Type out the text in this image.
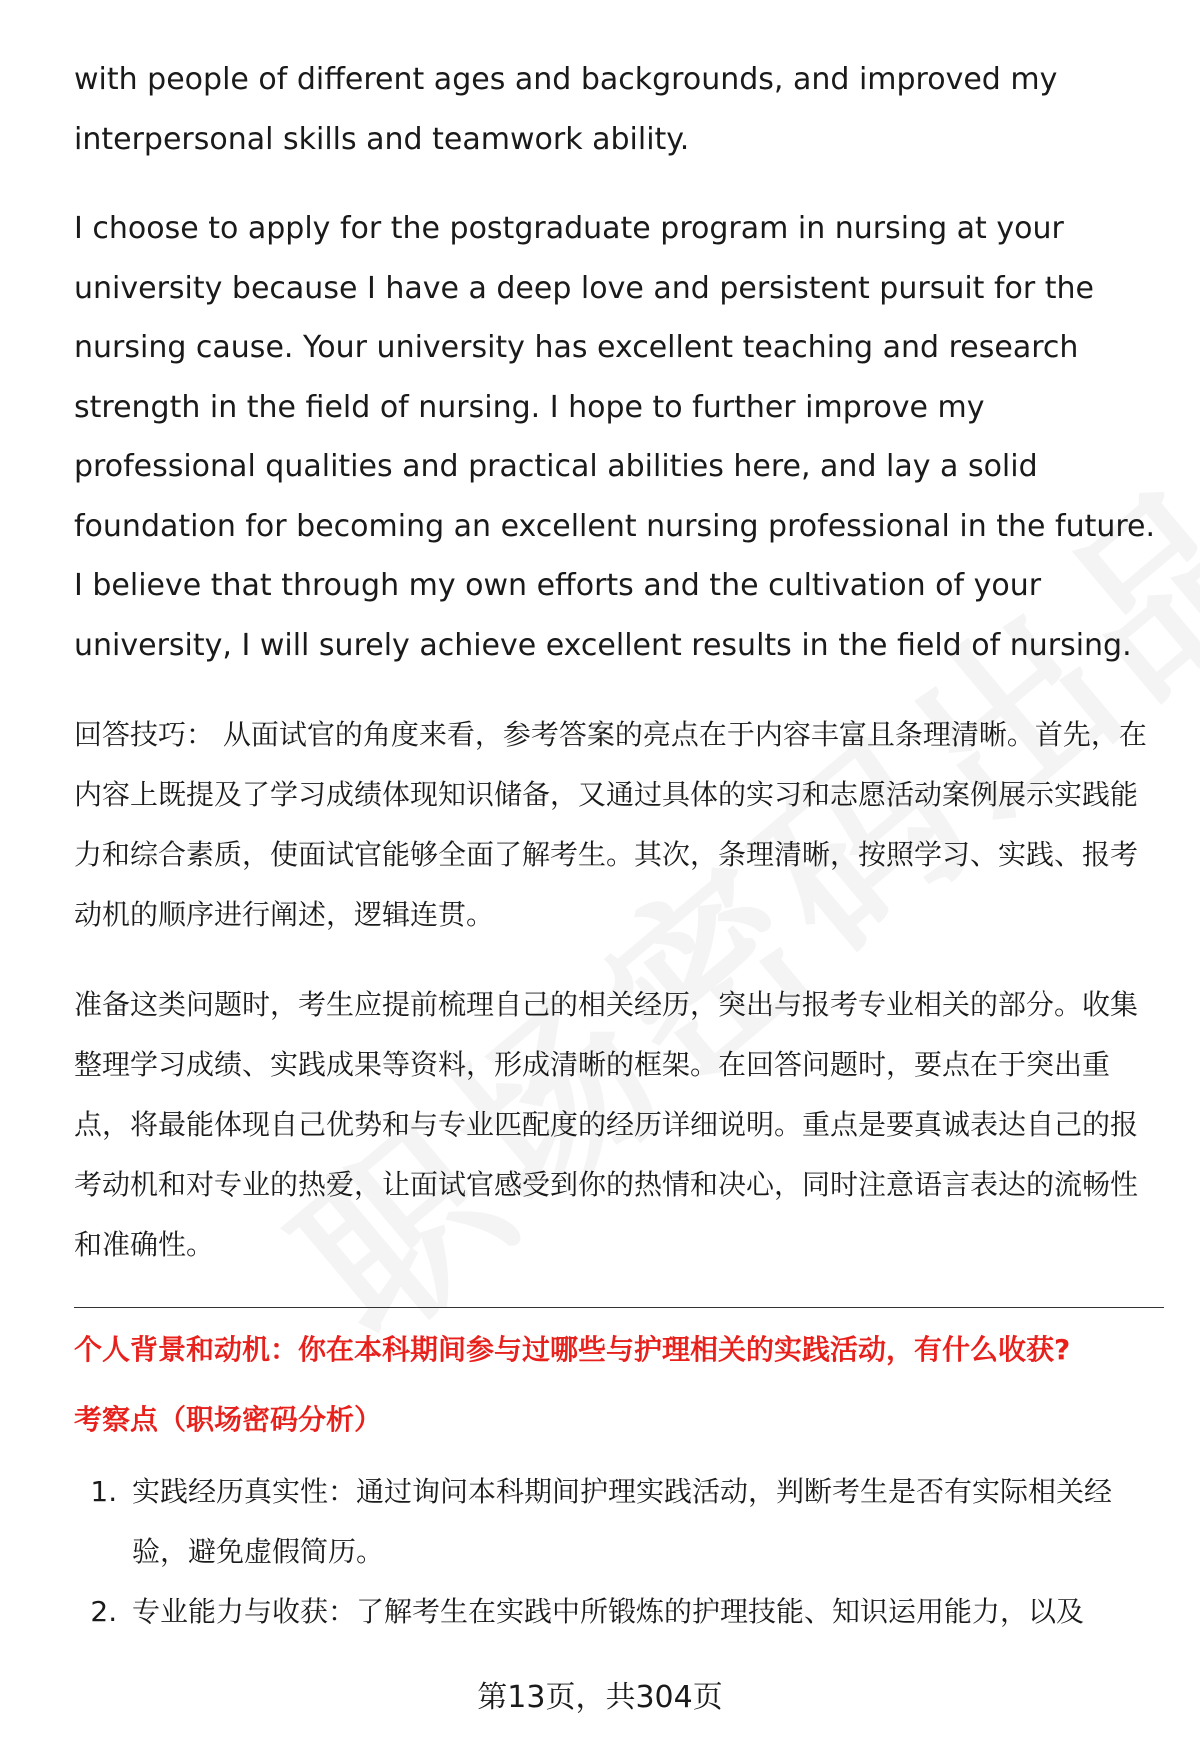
with people of different ages and backgrounds, and improved my interpersonal skills and teamwork ability.

I choose to apply for the postgraduate program in nursing at your university because I have a deep love and persistent pursuit for the nursing cause. Your university has excellent teaching and research strength in the field of nursing. I hope to further improve my professional qualities and practical abilities here, and lay a solid foundation for becoming an excellent nursing professional in the future. I believe that through my own efforts and the cultivation of your university, I will surely achieve excellent results in the field of nursing.

回答技巧： 从面试官的角度来看，参考答案的亮点在于内容丰富且条理清晰。首先，在内容上既提及了学习成绩体现知识储备，又通过具体的实习和志愿活动案例展示实践能力和综合素质，使面试官能够全面了解考生。其次，条理清晰，按照学习、实践、报考动机的顺序进行阐述，逻辑连贯。

准备这类问题时，考生应提前梳理自己的相关经历，突出与报考专业相关的部分。收集整理学习成绩、实践成果等资料，形成清晰的框架。在回答问题时，要点在于突出重点，将最能体现自己优势和与专业匹配度的经历详细说明。重点是要真诚表达自己的报考动机和对专业的热爱，让面试官感受到你的热情和决心，同时注意语言表达的流畅性和准确性。

个人背景和动机：你在本科期间参与过哪些与护理相关的实践活动，有什么收获?

考察点（职场密码分析）

1. 实践经历真实性：通过询问本科期间护理实践活动，判断考生是否有实际相关经验，避免虚假简历。
2. 专业能力与收获：了解考生在实践中所锻炼的护理技能、知识运用能力，以及
第13页，共304页
